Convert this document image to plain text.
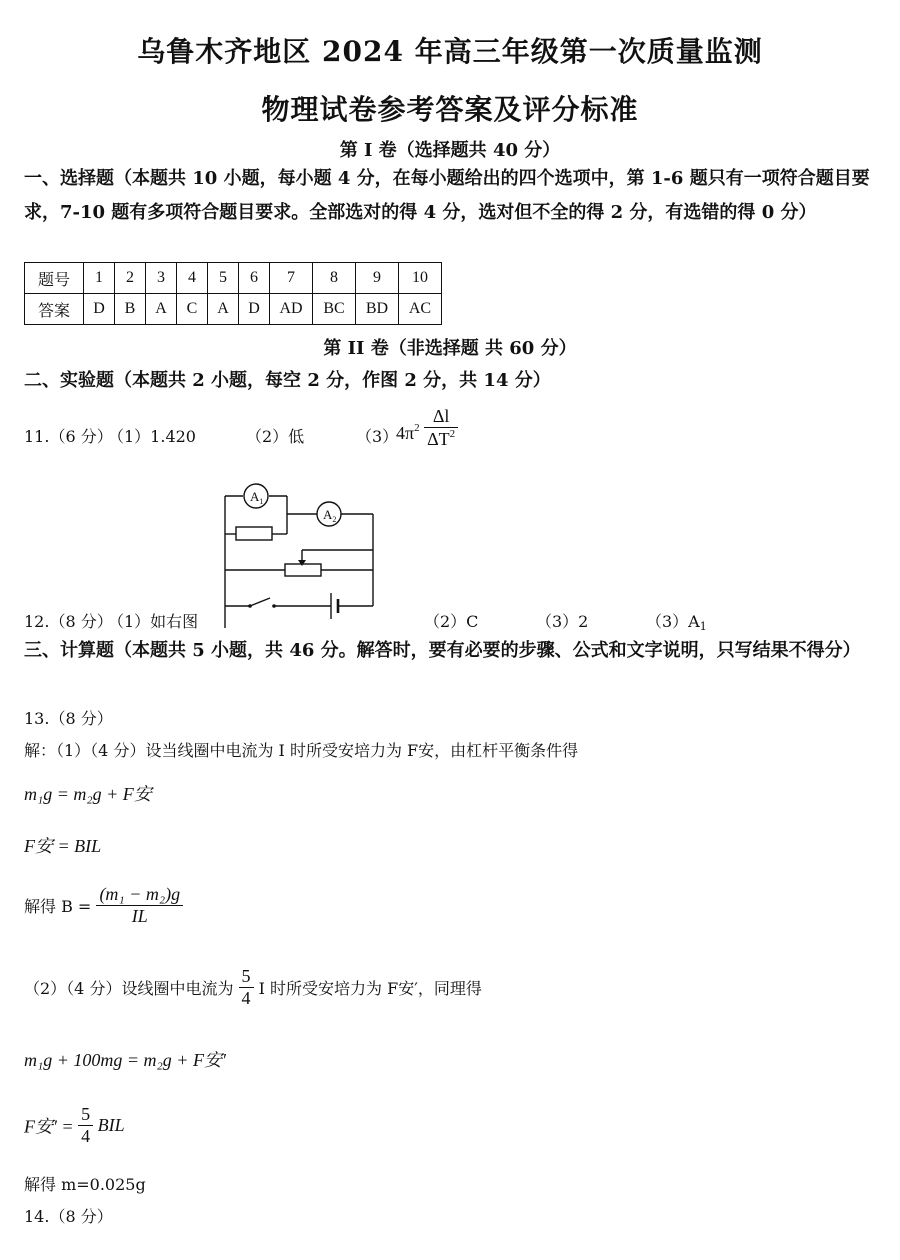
乌鲁木齐地区 2024 年高三年级第一次质量监测
物理试卷参考答案及评分标准
第 I 卷（选择题共 40 分）
一、选择题（本题共 10 小题，每小题 4 分，在每小题给出的四个选项中，第 1-6 题只有一项符合题目要求，7-10 题有多项符合题目要求。全部选对的得 4 分，选对但不全的得 2 分，有选错的得 0 分）
题号	1	2	3	4	5	6	7	8	9	10
答案	D	B	A	C	A	D	AD	BC	BD	AC
第 II 卷（非选择题 共 60 分）
二、实验题（本题共 2 小题，每空 2 分，作图 2 分，共 14 分）
11.（6 分）
（1）1.420	（2）低	（3）
$4\pi^2 \frac{\Delta l}{\Delta T^2}$
$A_1$
$A_2$
12.（8 分）
（1）如右图	（2）C	（3）2	（3）A1
三、计算题（本题共 5 小题，共 46 分。解答时，要有必要的步骤、公式和文字说明，只写结果不得分）
13.（8 分）
解：（1）（4 分）设当线圈中电流为 I 时所受安培力为 F安，由杠杆平衡条件得
m₁g = m₂g + F安
F安 = BIL
解得 $B = \frac{\text{(m₁ − m₂)g}}{IL}$
（2）（4 分）设线圈中电流为 $\frac{5}{4}$ I 时所受安培力为 F安′，同理得
m₁g + 100mg = m₂g + F安′
F安′ = $\frac{5}{4}$ BIL
解得 m=0.025g
14.（8 分）
